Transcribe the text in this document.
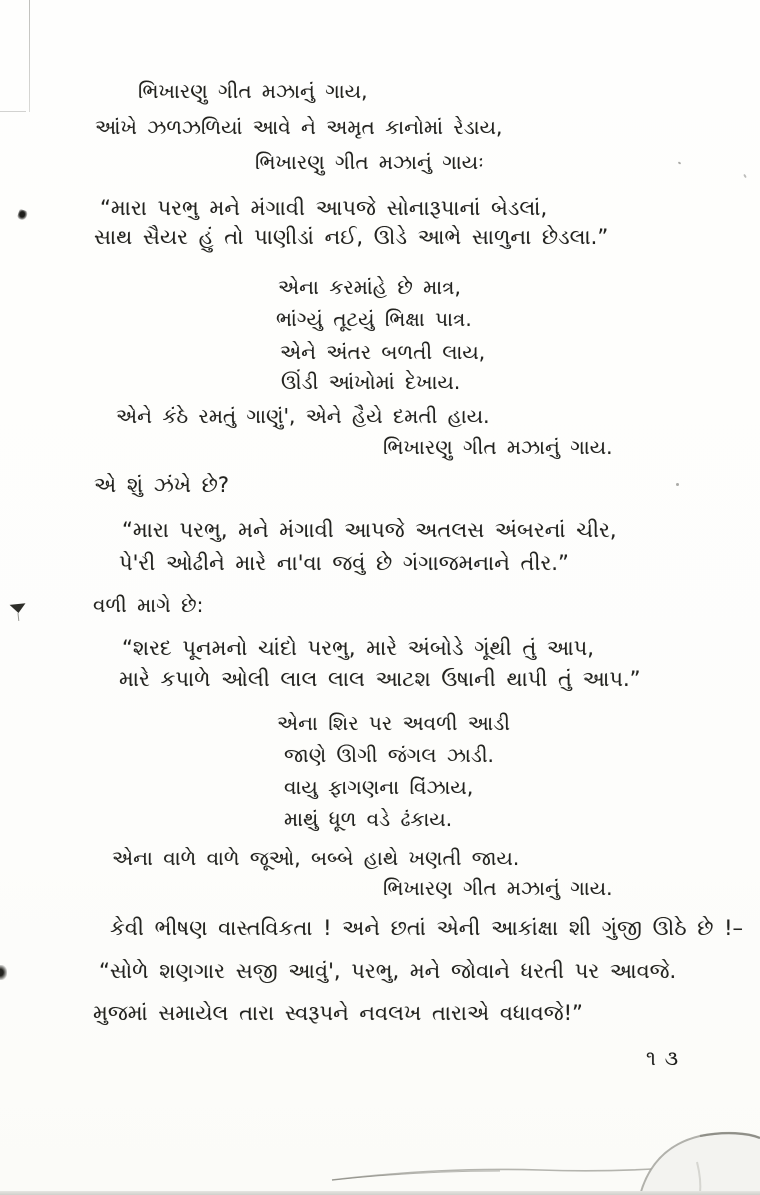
ભિખારણુ ગીત મઝાનું ગાય,
આંખે ઝળઝળિયાં આવે ને અમૃત કાનોમાં રેડાય,
ભિખારણુ ગીત મઝાનું ગાયઃ
“મારા પરભુ મને મંગાવી આપજે સોનારૂપાનાં બેડલાં,
સાથ સૈયર હું તો પાણીડાં નઈ, ઊડે આભે સાળુના છેડલા.”
એના કરમાંહે છે માત્ર,
ભાંગ્યું તૂટયું ભિક્ષા પાત્ર.
એને અંતર બળતી લાય,
ઊંડી આંખોમાં દેખાય.
એને કંઠે રમતું ગાણું', એને હૈયે દમતી હાય.
ભિખારણુ ગીત મઝાનું ગાય.
એ શું ઝંખે છે?
“મારા પરભુ, મને મંગાવી આપજે અતલસ અંબરનાં ચીર,
પે'રી ઓઢીને મારે ના'વા જવું છે ગંગાજમનાને તીર.”
વળી માગે છે:
“શરદ પૂનમનો ચાંદો પરભુ, મારે અંબોડે ગૂંથી તું આપ,
મારે કપાળે ઓલી લાલ લાલ આટશ ઉષાની થાપી તું આપ.”
એના શિર પર અવળી આડી
જાણે ઊગી જંગલ ઝાડી.
વાયુ ફાગણના વિંઝાય,
માથું ધૂળ વડે ઢંકાય.
એના વાળે વાળે જૂઓ, બબ્બે હાથે ખણતી જાય.
ભિખારણ ગીત મઝાનું ગાય.
કેવી ભીષણ વાસ્તવિકતા ! અને છતાં એની આકાંક્ષા શી ગુંજી ઊઠે છે !–
“સોળે શણગાર સજી આવું', પરભુ, મને જોવાને ધરતી પર આવજે.
મુજમાં સમાયેલ તારા સ્વરૂપને નવલખ તારાએ વધાવજે!”
૧૩
